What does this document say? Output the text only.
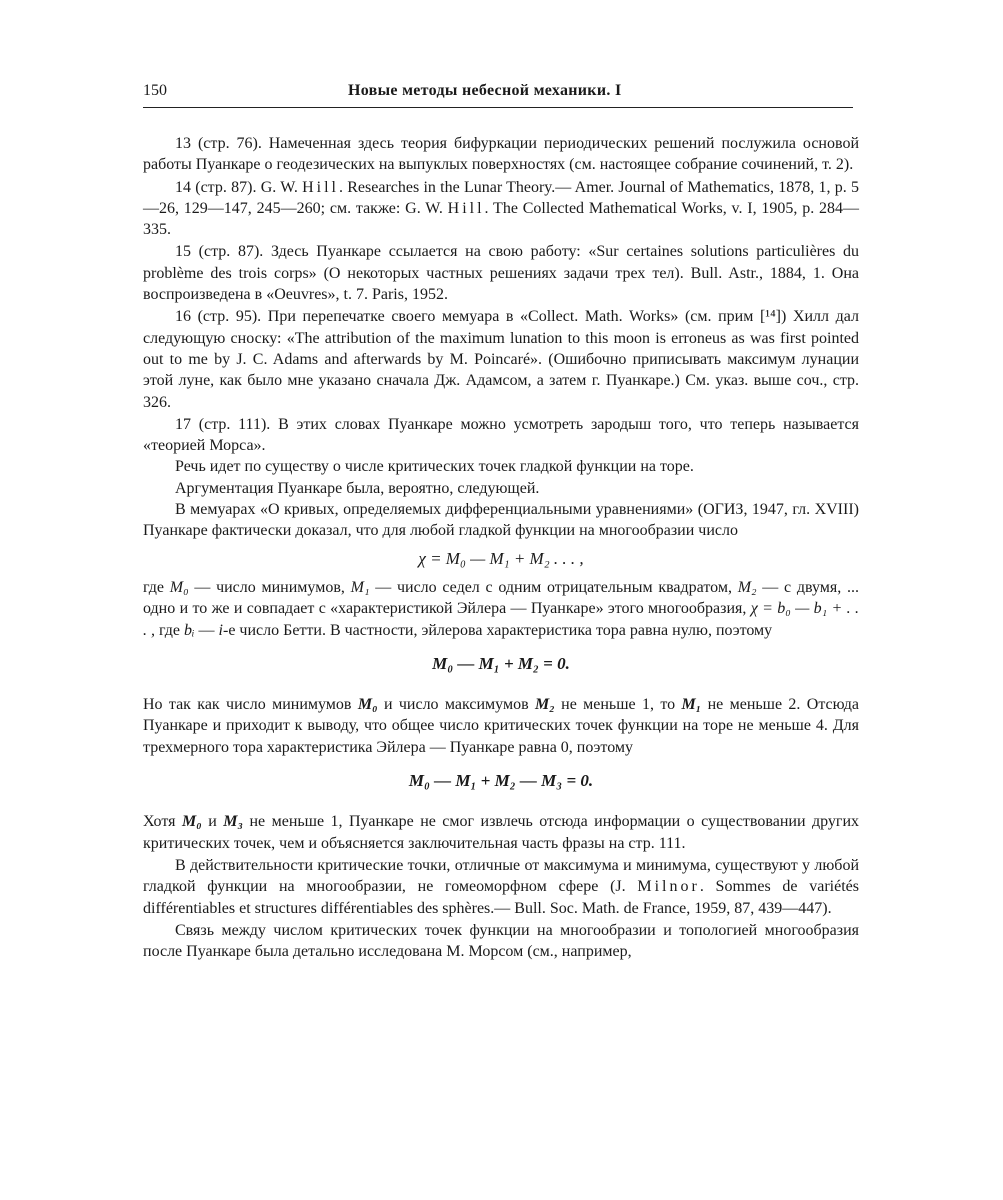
150	Новые методы небесной механики. I

13 (стр. 76). Намеченная здесь теория бифуркации периодических решений послужила основой работы Пуанкаре о геодезических на выпуклых поверхностях (см. настоящее собрание сочинений, т. 2).

14 (стр. 87). G. W. Hill. Researches in the Lunar Theory.— Amer. Journal of Mathematics, 1878, 1, p. 5—26, 129—147, 245—260; см. также: G. W. Hill. The Collected Mathematical Works, v. I, 1905, p. 284—335.

15 (стр. 87). Здесь Пуанкаре ссылается на свою работу: «Sur certaines solutions particulières du problème des trois corps» (О некоторых частных решениях задачи трех тел). Bull. Astr., 1884, 1. Она воспроизведена в «Oeuvres», t. 7. Paris, 1952.

16 (стр. 95). При перепечатке своего мемуара в «Collect. Math. Works» (см. прим [¹⁴]) Хилл дал следующую сноску: «The attribution of the maximum lunation to this moon is erroneus as was first pointed out to me by J. C. Adams and afterwards by M. Poincaré». (Ошибочно приписывать максимум лунации этой луне, как было мне указано сначала Дж. Адамсом, а затем г. Пуанкаре.) См. указ. выше соч., стр. 326.

17 (стр. 111). В этих словах Пуанкаре можно усмотреть зародыш того, что теперь называется «теорией Морса».

Речь идет по существу о числе критических точек гладкой функции на торе.

Аргументация Пуанкаре была, вероятно, следующей.

В мемуарах «О кривых, определяемых дифференциальными уравнениями» (ОГИЗ, 1947, гл. XVIII) Пуанкаре фактически доказал, что для любой гладкой функции на многообразии число

χ = M₀ — M₁ + M₂ . . . ,

где M₀ — число минимумов, M₁ — число седел с одним отрицательным квадратом, M₂ — с двумя, ... одно и то же и совпадает с «характеристикой Эйлера — Пуанкаре» этого многообразия, χ = b₀ — b₁ + . . . , где bᵢ — i-е число Бетти. В частности, эйлерова характеристика тора равна нулю, поэтому

M₀ — M₁ + M₂ = 0.

Но так как число минимумов M₀ и число максимумов M₂ не меньше 1, то M₁ не меньше 2. Отсюда Пуанкаре и приходит к выводу, что общее число критических точек функции на торе не меньше 4. Для трехмерного тора характеристика Эйлера — Пуанкаре равна 0, поэтому

M₀ — M₁ + M₂ — M₃ = 0.

Хотя M₀ и M₃ не меньше 1, Пуанкаре не смог извлечь отсюда информации о существовании других критических точек, чем и объясняется заключительная часть фразы на стр. 111.

В действительности критические точки, отличные от максимума и минимума, существуют у любой гладкой функции на многообразии, не гомеоморфном сфере (J. Milnor. Sommes de variétés différentiables et structures différentiables des sphères.— Bull. Soc. Math. de France, 1959, 87, 439—447).

Связь между числом критических точек функции на многообразии и топологией многообразия после Пуанкаре была детально исследована М. Морсом (см., например,
